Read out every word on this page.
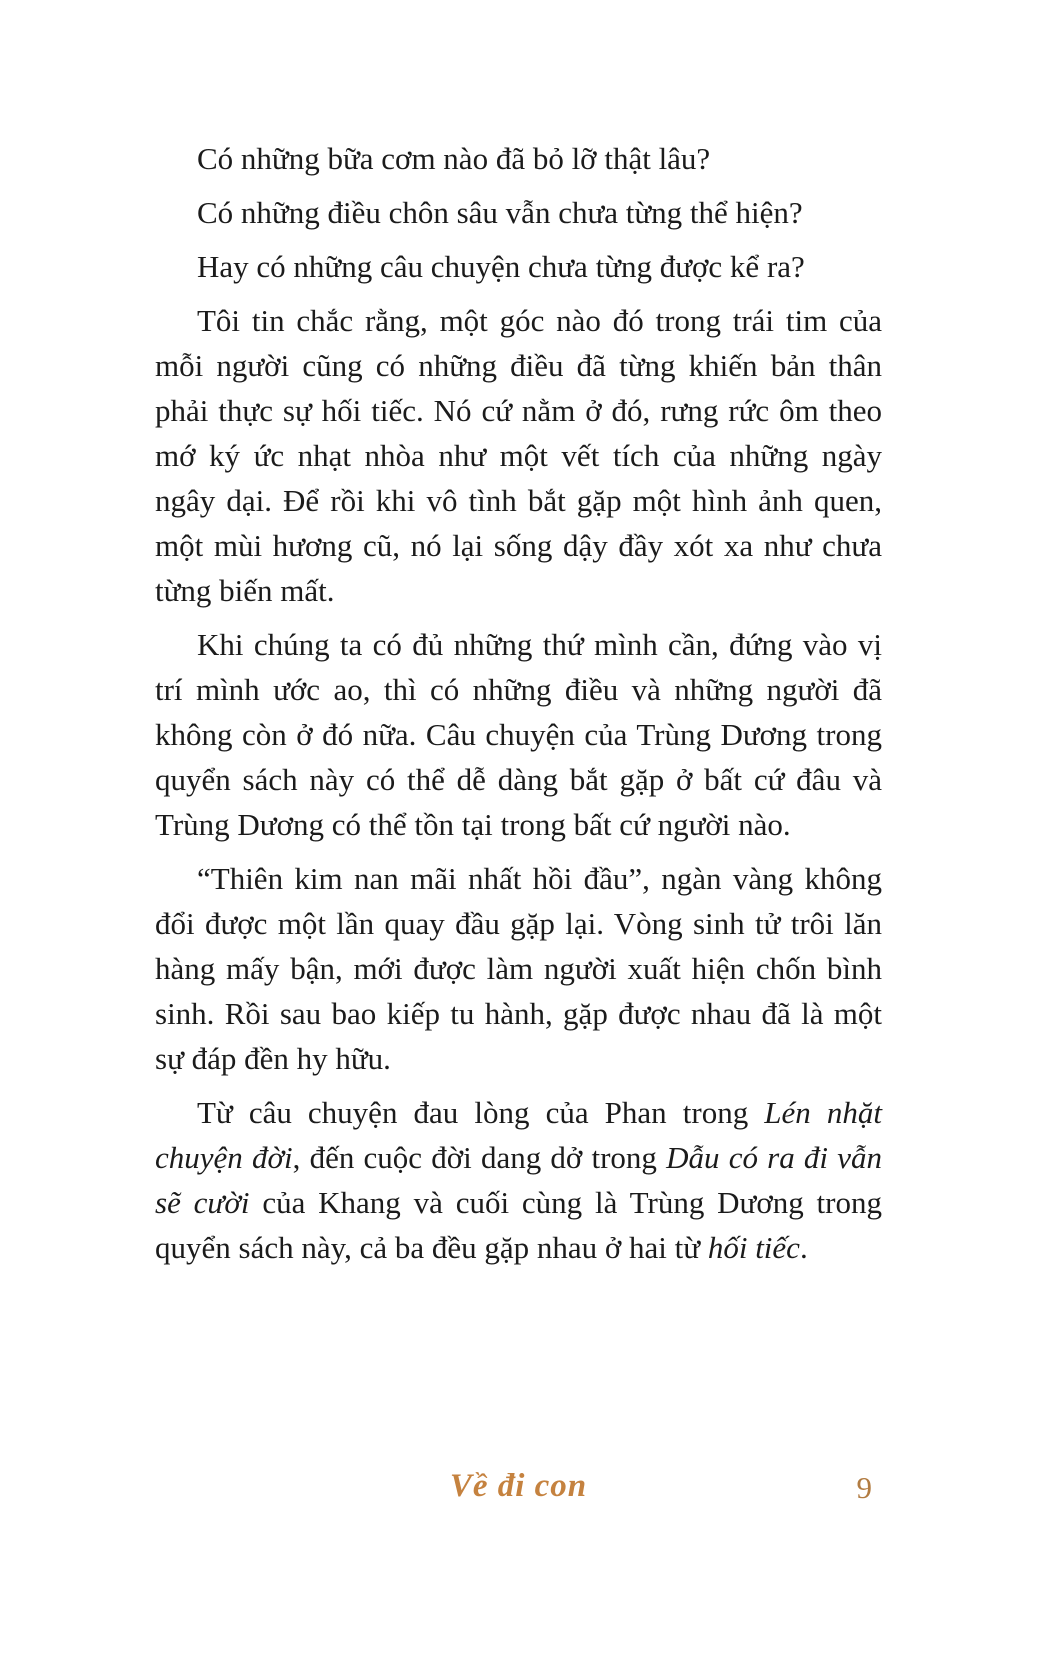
Có những bữa cơm nào đã bỏ lỡ thật lâu?

Có những điều chôn sâu vẫn chưa từng thể hiện?

Hay có những câu chuyện chưa từng được kể ra?

Tôi tin chắc rằng, một góc nào đó trong trái tim của mỗi người cũng có những điều đã từng khiến bản thân phải thực sự hối tiếc. Nó cứ nằm ở đó, rưng rức ôm theo mớ ký ức nhạt nhòa như một vết tích của những ngày ngây dại. Để rồi khi vô tình bắt gặp một hình ảnh quen, một mùi hương cũ, nó lại sống dậy đầy xót xa như chưa từng biến mất.

Khi chúng ta có đủ những thứ mình cần, đứng vào vị trí mình ước ao, thì có những điều và những người đã không còn ở đó nữa. Câu chuyện của Trùng Dương trong quyển sách này có thể dễ dàng bắt gặp ở bất cứ đâu và Trùng Dương có thể tồn tại trong bất cứ người nào.

“Thiên kim nan mãi nhất hồi đầu”, ngàn vàng không đổi được một lần quay đầu gặp lại. Vòng sinh tử trôi lăn hàng mấy bận, mới được làm người xuất hiện chốn bình sinh. Rồi sau bao kiếp tu hành, gặp được nhau đã là một sự đáp đền hy hữu.

Từ câu chuyện đau lòng của Phan trong Lén nhặt chuyện đời, đến cuộc đời dang dở trong Dẫu có ra đi vẫn sẽ cười của Khang và cuối cùng là Trùng Dương trong quyển sách này, cả ba đều gặp nhau ở hai từ hối tiếc.

Về đi con	9
